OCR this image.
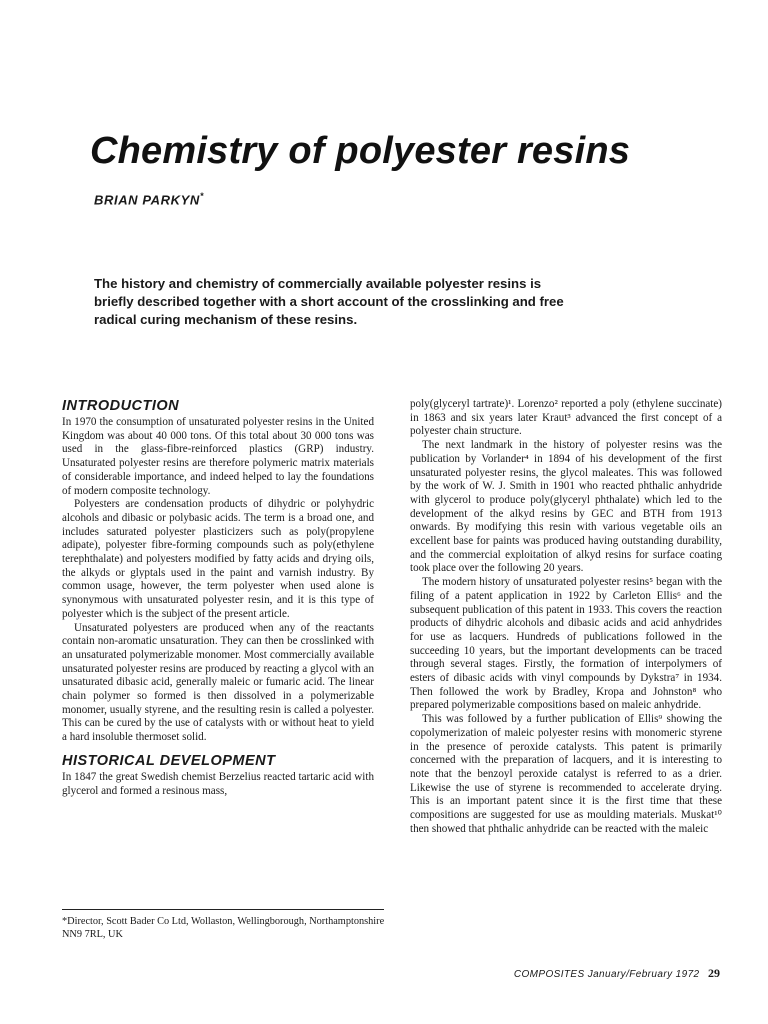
Chemistry of polyester resins
BRIAN PARKYN*

The history and chemistry of commercially available polyester resins is briefly described together with a short account of the crosslinking and free radical curing mechanism of these resins.

INTRODUCTION

In 1970 the consumption of unsaturated polyester resins in the United Kingdom was about 40 000 tons. Of this total about 30 000 tons was used in the glass-fibre-reinforced plastics (GRP) industry. Unsaturated polyester resins are therefore polymeric matrix materials of considerable importance, and indeed helped to lay the foundations of modern composite technology.

Polyesters are condensation products of dihydric or polyhydric alcohols and dibasic or polybasic acids. The term is a broad one, and includes saturated polyester plasticizers such as poly(propylene adipate), polyester fibre-forming compounds such as poly(ethylene terephthalate) and polyesters modified by fatty acids and drying oils, the alkyds or glyptals used in the paint and varnish industry. By common usage, however, the term polyester when used alone is synonymous with unsaturated polyester resin, and it is this type of polyester which is the subject of the present article.

Unsaturated polyesters are produced when any of the reactants contain non-aromatic unsaturation. They can then be crosslinked with an unsaturated polymerizable monomer. Most commercially available unsaturated polyester resins are produced by reacting a glycol with an unsaturated dibasic acid, generally maleic or fumaric acid. The linear chain polymer so formed is then dissolved in a polymerizable monomer, usually styrene, and the resulting resin is called a polyester. This can be cured by the use of catalysts with or without heat to yield a hard insoluble thermoset solid.

HISTORICAL DEVELOPMENT

In 1847 the great Swedish chemist Berzelius reacted tartaric acid with glycerol and formed a resinous mass,

*Director, Scott Bader Co Ltd, Wollaston, Wellingborough, Northamptonshire NN9 7RL, UK

poly(glyceryl tartrate)¹. Lorenzo² reported a poly (ethylene succinate) in 1863 and six years later Kraut³ advanced the first concept of a polyester chain structure.

The next landmark in the history of polyester resins was the publication by Vorlander⁴ in 1894 of his development of the first unsaturated polyester resins, the glycol maleates. This was followed by the work of W. J. Smith in 1901 who reacted phthalic anhydride with glycerol to produce poly(glyceryl phthalate) which led to the development of the alkyd resins by GEC and BTH from 1913 onwards. By modifying this resin with various vegetable oils an excellent base for paints was produced having outstanding durability, and the commercial exploitation of alkyd resins for surface coating took place over the following 20 years.

The modern history of unsaturated polyester resins⁵ began with the filing of a patent application in 1922 by Carleton Ellis⁶ and the subsequent publication of this patent in 1933. This covers the reaction products of dihydric alcohols and dibasic acids and acid anhydrides for use as lacquers. Hundreds of publications followed in the succeeding 10 years, but the important developments can be traced through several stages. Firstly, the formation of interpolymers of esters of dibasic acids with vinyl compounds by Dykstra⁷ in 1934. Then followed the work by Bradley, Kropa and Johnston⁸ who prepared polymerizable compositions based on maleic anhydride.

This was followed by a further publication of Ellis⁹ showing the copolymerization of maleic polyester resins with monomeric styrene in the presence of peroxide catalysts. This patent is primarily concerned with the preparation of lacquers, and it is interesting to note that the benzoyl peroxide catalyst is referred to as a drier. Likewise the use of styrene is recommended to accelerate drying. This is an important patent since it is the first time that these compositions are suggested for use as moulding materials. Muskat¹⁰ then showed that phthalic anhydride can be reacted with the maleic

COMPOSITES January/February 1972 29
